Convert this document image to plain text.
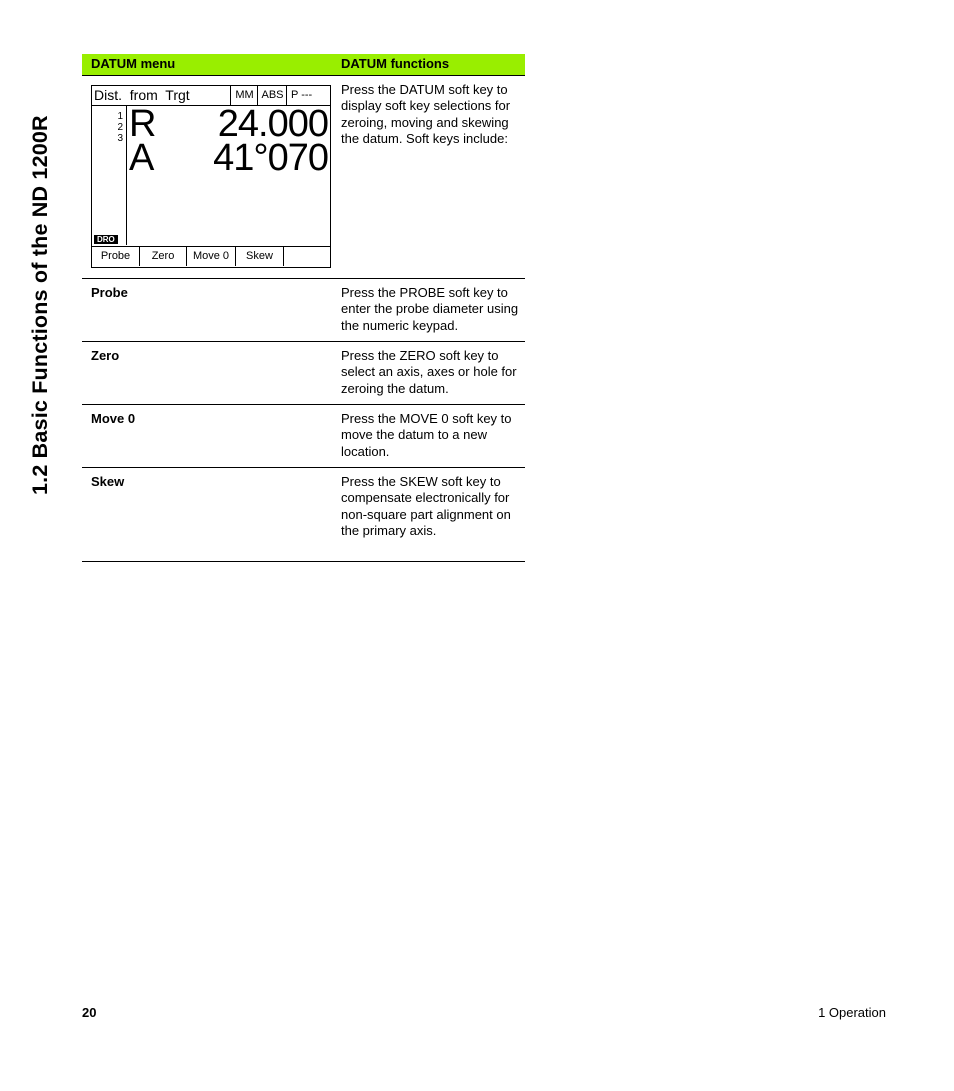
1.2 Basic Functions of the ND 1200R
DATUM menu	DATUM functions
Dist.  from  Trgt	MM ABS P ---
1
2
3
DRO
R 24.000
A 41°070
Probe	Zero	Move 0	Skew
Press the DATUM soft key to display soft key selections for zeroing, moving and skewing the datum. Soft keys include:
Probe	Press the PROBE soft key to enter the probe diameter using the numeric keypad.
Zero	Press the ZERO soft key to select an axis, axes or hole for zeroing the datum.
Move 0	Press the MOVE 0 soft key to move the datum to a new location.
Skew	Press the SKEW soft key to compensate electronically for non-square part alignment on the primary axis.
20	1 Operation
